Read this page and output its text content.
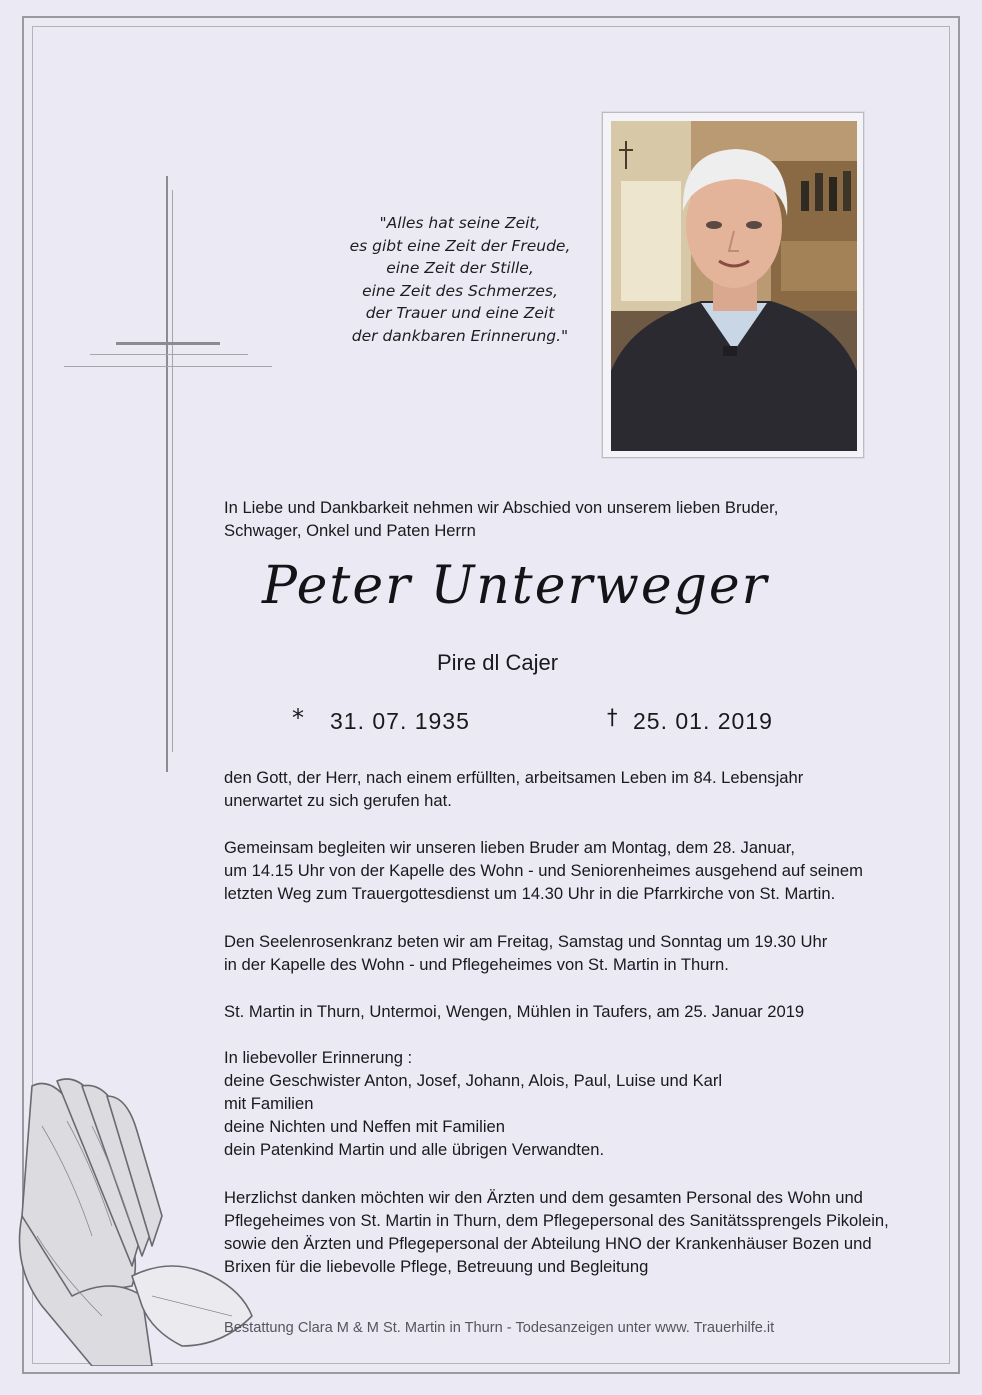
"Alles hat seine Zeit,
es gibt eine Zeit der Freude,
eine Zeit der Stille,
eine Zeit des Schmerzes,
der Trauer und eine Zeit
der dankbaren Erinnerung."
In Liebe und Dankbarkeit nehmen wir Abschied von unserem lieben Bruder,
Schwager, Onkel und Paten Herrn
Peter Unterweger
Pire dl Cajer
* 31. 07. 1935	† 25. 01. 2019
den Gott, der Herr, nach einem erfüllten, arbeitsamen Leben im 84. Lebensjahr
unerwartet zu sich gerufen hat.
Gemeinsam begleiten wir unseren lieben Bruder am Montag, dem 28. Januar,
um 14.15 Uhr von der Kapelle des Wohn - und Seniorenheimes ausgehend auf seinem
letzten Weg zum Trauergottesdienst um 14.30 Uhr in die Pfarrkirche von St. Martin.
Den Seelenrosenkranz beten wir am Freitag, Samstag und Sonntag um 19.30 Uhr
in der Kapelle des Wohn - und Pflegeheimes von St. Martin in Thurn.
St. Martin in Thurn, Untermoi, Wengen, Mühlen in Taufers, am 25. Januar 2019
In liebevoller Erinnerung :
deine Geschwister Anton, Josef, Johann, Alois, Paul, Luise und Karl
mit Familien
deine Nichten und Neffen mit Familien
dein Patenkind Martin und alle übrigen Verwandten.
Herzlichst danken möchten wir den Ärzten und dem gesamten Personal des Wohn und
Pflegeheimes von St. Martin in Thurn, dem Pflegepersonal des Sanitätssprengels Pikolein,
sowie den Ärzten und Pflegepersonal der Abteilung HNO der Krankenhäuser Bozen und
Brixen für die liebevolle Pflege, Betreuung und Begleitung
Bestattung Clara M & M St. Martin in Thurn - Todesanzeigen unter www. Trauerhilfe.it
